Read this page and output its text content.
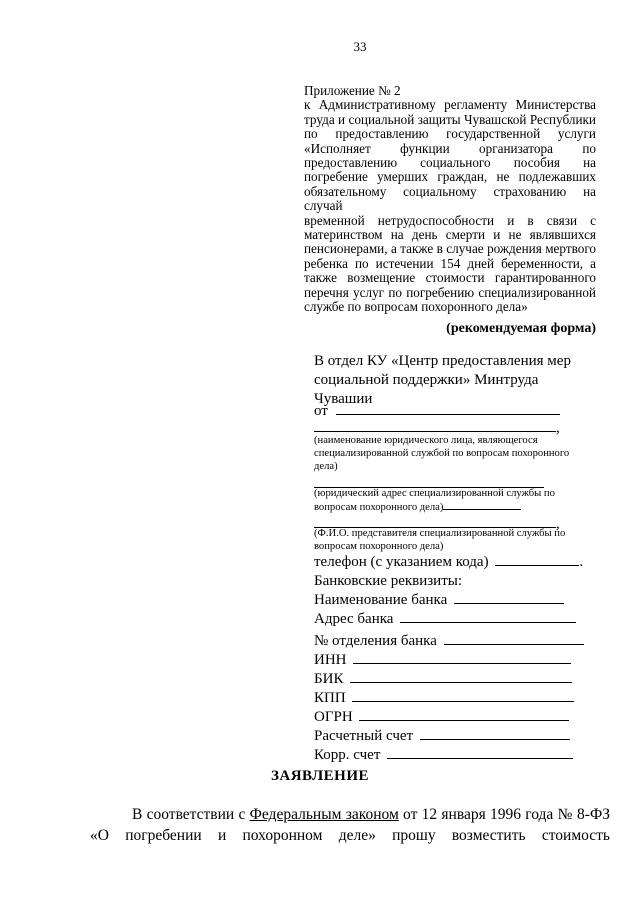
33
Приложение № 2
к Административному регламенту Министерства
труда и социальной защиты Чувашской Республики
по предоставлению государственной услуги
«Исполняет функции организатора по
предоставлению социального пособия на
погребение умерших граждан, не подлежавших
обязательному социальному страхованию на случай
временной нетрудоспособности и в связи с
материнством на день смерти и не являвшихся
пенсионерами, а также в случае рождения мертвого
ребенка по истечении 154 дней беременности, а
также возмещение стоимости гарантированного
перечня услуг по погребению специализированной
службе по вопросам похоронного дела»
(рекомендуемая форма)
В отдел КУ «Центр предоставления мер
социальной поддержки» Минтруда Чувашии
от
,
(наименование юридического лица, являющегося специализированной службой по вопросам похоронного дела)
(юридический адрес специализированной службы по вопросам похоронного дела)
,
(Ф.И.О. представителя специализированной службы по вопросам похоронного дела)
телефон (с указанием кода)	.
Банковские реквизиты:
Наименование банка
Адрес банка
№ отделения банка
ИНН
БИК
КПП
ОГРН
Расчетный счет
Корр. счет
ЗАЯВЛЕНИЕ
В соответствии с Федеральным законом от 12 января 1996 года № 8-ФЗ
«О погребении и похоронном деле» прошу возместить стоимость
